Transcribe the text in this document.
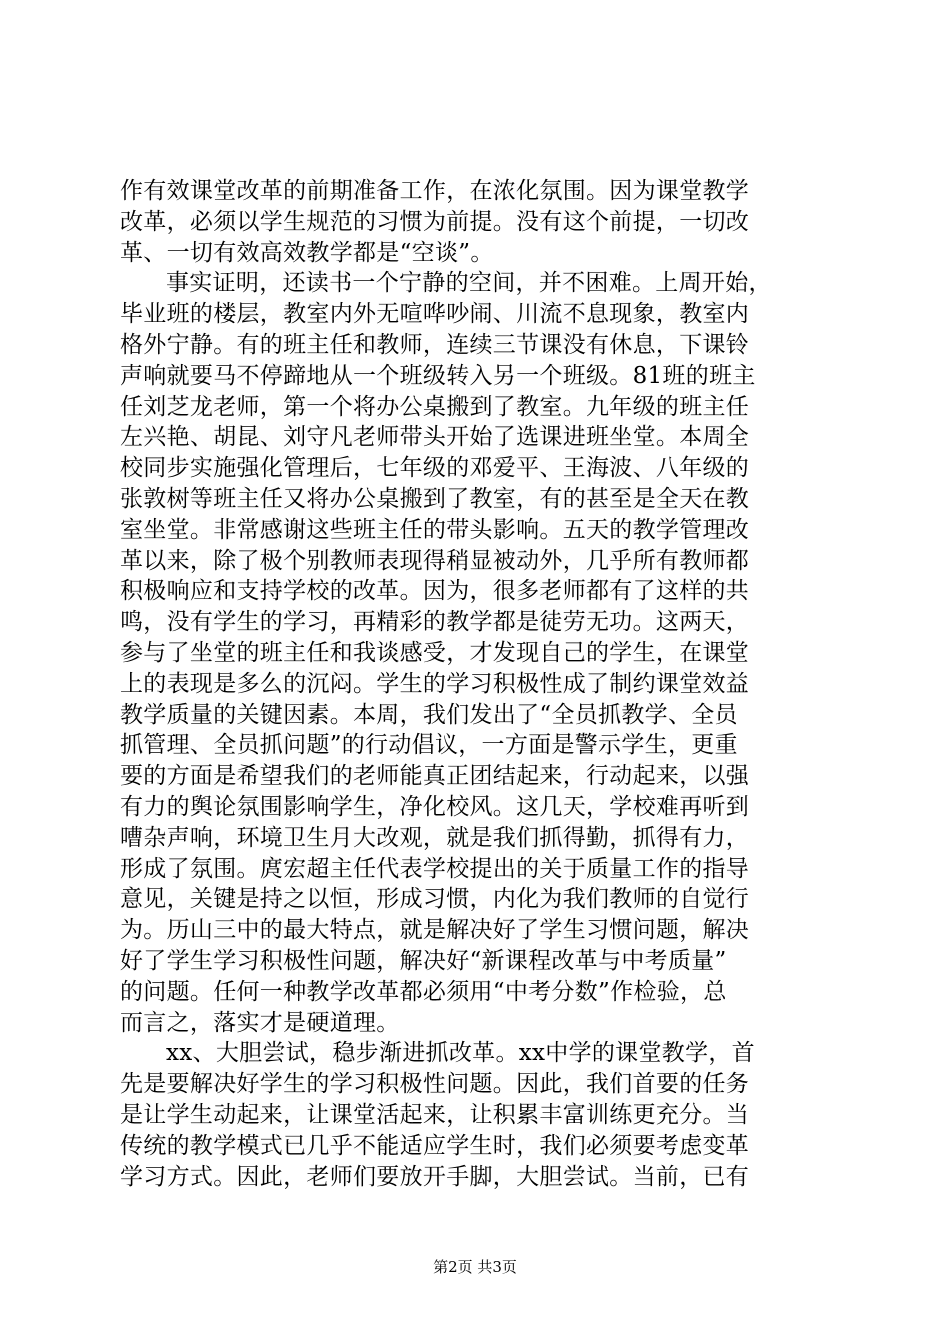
作有效课堂改革的前期准备工作，在浓化氛围。因为课堂教学
改革，必须以学生规范的习惯为前提。没有这个前提，一切改
革、一切有效高效教学都是“空谈”。
事实证明，还读书一个宁静的空间，并不困难。上周开始，
毕业班的楼层，教室内外无喧哗吵闹、川流不息现象，教室内
格外宁静。有的班主任和教师，连续三节课没有休息，下课铃
声响就要马不停蹄地从一个班级转入另一个班级。81班的班主
任刘芝龙老师，第一个将办公桌搬到了教室。九年级的班主任
左兴艳、胡昆、刘守凡老师带头开始了选课进班坐堂。本周全
校同步实施强化管理后，七年级的邓爱平、王海波、八年级的
张敦树等班主任又将办公桌搬到了教室，有的甚至是全天在教
室坐堂。非常感谢这些班主任的带头影响。五天的教学管理改
革以来，除了极个别教师表现得稍显被动外，几乎所有教师都
积极响应和支持学校的改革。因为，很多老师都有了这样的共
鸣，没有学生的学习，再精彩的教学都是徒劳无功。这两天，
参与了坐堂的班主任和我谈感受，才发现自己的学生，在课堂
上的表现是多么的沉闷。学生的学习积极性成了制约课堂效益
教学质量的关键因素。本周，我们发出了“全员抓教学、全员
抓管理、全员抓问题”的行动倡议，一方面是警示学生，更重
要的方面是希望我们的老师能真正团结起来，行动起来，以强
有力的舆论氛围影响学生，净化校风。这几天，学校难再听到
嘈杂声响，环境卫生月大改观，就是我们抓得勤，抓得有力，
形成了氛围。庹宏超主任代表学校提出的关于质量工作的指导
意见，关键是持之以恒，形成习惯，内化为我们教师的自觉行
为。历山三中的最大特点，就是解决好了学生习惯问题，解决
好了学生学习积极性问题，解决好“新课程改革与中考质量”
的问题。任何一种教学改革都必须用“中考分数”作检验，总
而言之，落实才是硬道理。
xx、大胆尝试，稳步渐进抓改革。xx中学的课堂教学，首
先是要解决好学生的学习积极性问题。因此，我们首要的任务
是让学生动起来，让课堂活起来，让积累丰富训练更充分。当
传统的教学模式已几乎不能适应学生时，我们必须要考虑变革
学习方式。因此，老师们要放开手脚，大胆尝试。当前，已有
第2页 共3页
